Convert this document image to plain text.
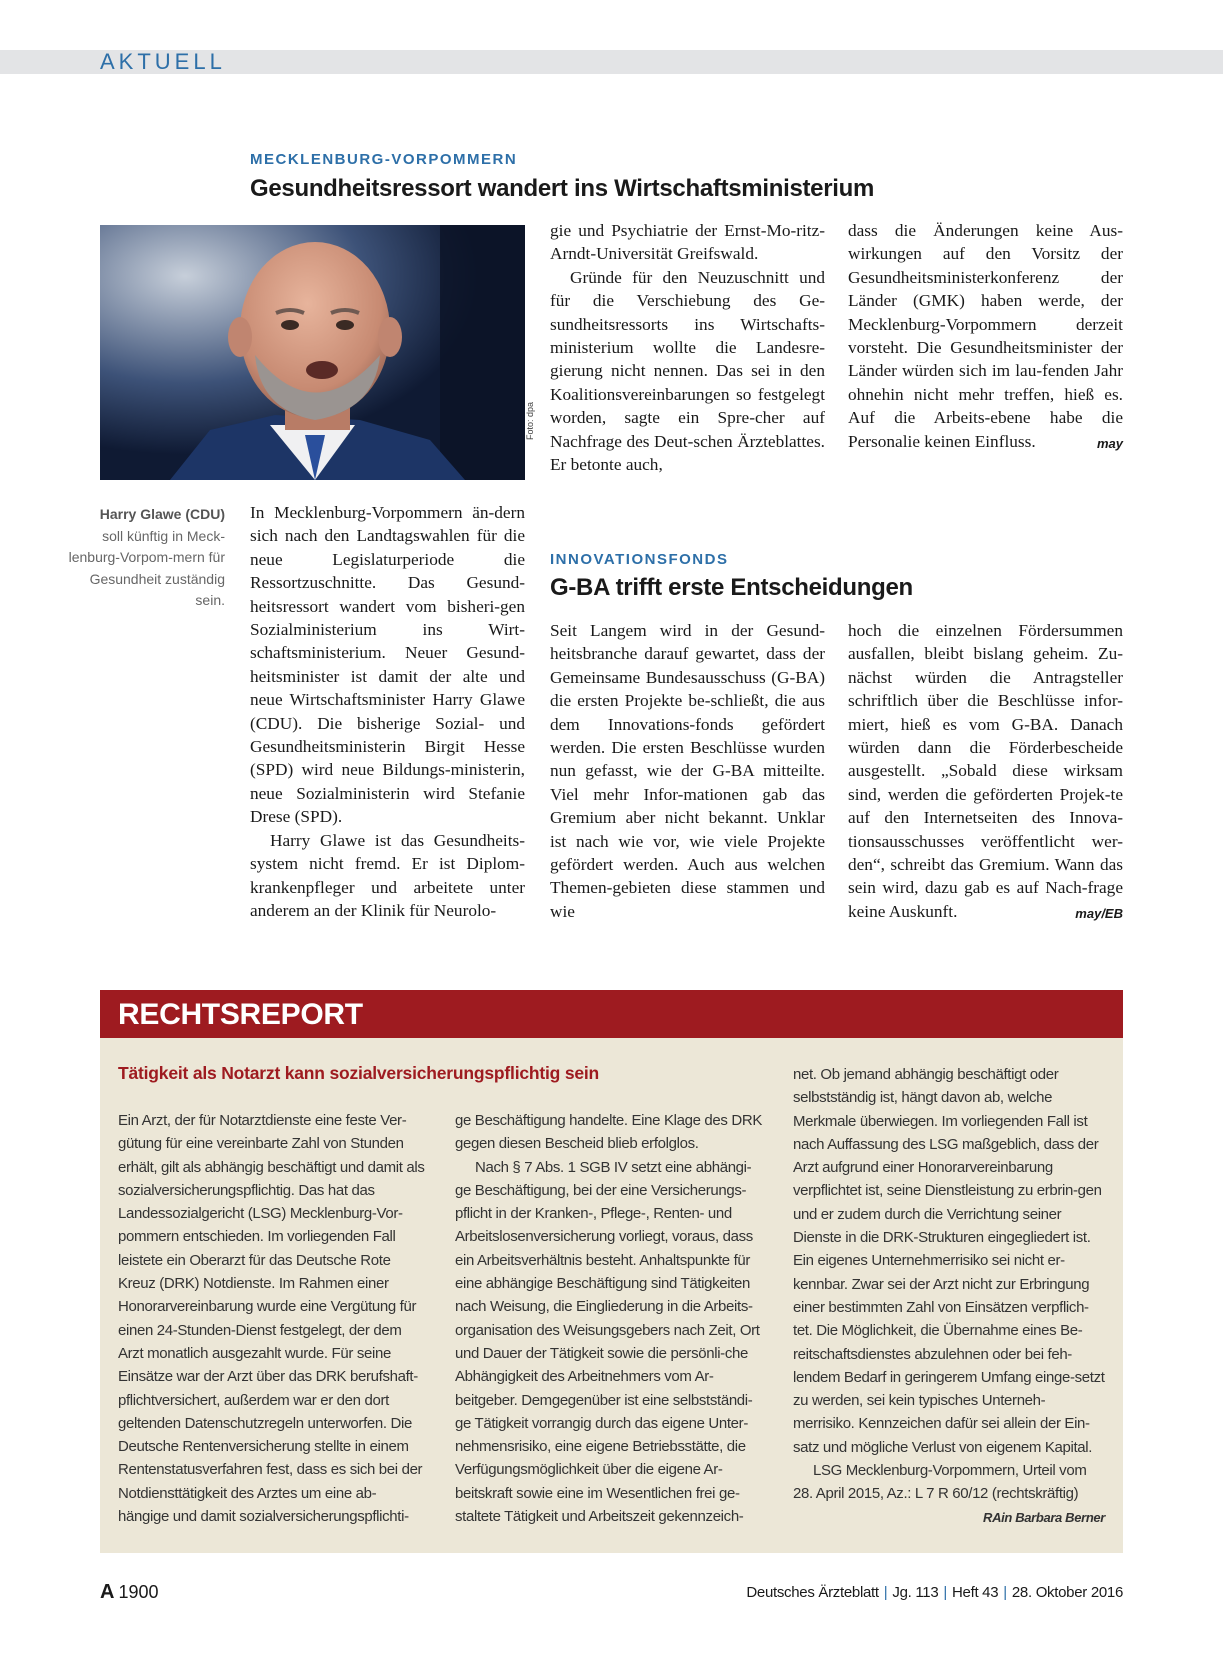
AKTUELL
MECKLENBURG-VORPOMMERN
Gesundheitsressort wandert ins Wirtschaftsministerium
Foto: dpa
Harry Glawe (CDU)
soll künftig in Meck-lenburg-Vorpom-mern für Gesundheit zuständig sein.

In Mecklenburg-Vorpommern än-dern sich nach den Landtagswahlen für die neue Legislaturperiode die Ressortzuschnitte. Das Gesund-heitsressort wandert vom bisheri-gen Sozialministerium ins Wirt-schaftsministerium. Neuer Gesund-heitsminister ist damit der alte und neue Wirtschaftsminister Harry Glawe (CDU). Die bisherige Sozial- und Gesundheitsministerin Birgit Hesse (SPD) wird neue Bildungs-ministerin, neue Sozialministerin wird Stefanie Drese (SPD).

Harry Glawe ist das Gesundheits-system nicht fremd. Er ist Diplom-krankenpfleger und arbeitete unter anderem an der Klinik für Neurolo-

gie und Psychiatrie der Ernst-Mo-ritz-Arndt-Universität Greifswald.

Gründe für den Neuzuschnitt und für die Verschiebung des Ge-sundheitsressorts ins Wirtschafts-ministerium wollte die Landesre-gierung nicht nennen. Das sei in den Koalitionsvereinbarungen so festgelegt worden, sagte ein Spre-cher auf Nachfrage des Deut-schen Ärzteblattes. Er betonte auch,

dass die Änderungen keine Aus-wirkungen auf den Vorsitz der Gesundheitsministerkonferenz der Länder (GMK) haben werde, der Mecklenburg-Vorpommern derzeit vorsteht. Die Gesundheitsminister der Länder würden sich im lau-fenden Jahr ohnehin nicht mehr treffen, hieß es. Auf die Arbeits-ebene habe die Personalie keinen Einfluss.	may

INNOVATIONSFONDS
G-BA trifft erste Entscheidungen

Seit Langem wird in der Gesund-heitsbranche darauf gewartet, dass der Gemeinsame Bundesausschuss (G-BA) die ersten Projekte be-schließt, die aus dem Innovations-fonds gefördert werden. Die ersten Beschlüsse wurden nun gefasst, wie der G-BA mitteilte. Viel mehr Infor-mationen gab das Gremium aber nicht bekannt. Unklar ist nach wie vor, wie viele Projekte gefördert werden. Auch aus welchen Themen-gebieten diese stammen und wie

hoch die einzelnen Fördersummen ausfallen, bleibt bislang geheim. Zu-nächst würden die Antragsteller schriftlich über die Beschlüsse infor-miert, hieß es vom G-BA. Danach würden dann die Förderbescheide ausgestellt. „Sobald diese wirksam sind, werden die geförderten Projek-te auf den Internetseiten des Innova-tionsausschusses veröffentlicht wer-den“, schreibt das Gremium. Wann das sein wird, dazu gab es auf Nach-frage keine Auskunft.	may/EB

RECHTSREPORT
Tätigkeit als Notarzt kann sozialversicherungspflichtig sein

Ein Arzt, der für Notarztdienste eine feste Ver-gütung für eine vereinbarte Zahl von Stunden erhält, gilt als abhängig beschäftigt und damit als sozialversicherungspflichtig. Das hat das Landessozialgericht (LSG) Mecklenburg-Vor-pommern entschieden. Im vorliegenden Fall leistete ein Oberarzt für das Deutsche Rote Kreuz (DRK) Notdienste. Im Rahmen einer Honorarvereinbarung wurde eine Vergütung für einen 24-Stunden-Dienst festgelegt, der dem Arzt monatlich ausgezahlt wurde. Für seine Einsätze war der Arzt über das DRK berufshaft-pflichtversichert, außerdem war er den dort geltenden Datenschutzregeln unterworfen. Die Deutsche Rentenversicherung stellte in einem Rentenstatusverfahren fest, dass es sich bei der Notdiensttätigkeit des Arztes um eine ab-hängige und damit sozialversicherungspflichti-

ge Beschäftigung handelte. Eine Klage des DRK gegen diesen Bescheid blieb erfolglos.

Nach § 7 Abs. 1 SGB IV setzt eine abhängi-ge Beschäftigung, bei der eine Versicherungs-pflicht in der Kranken-, Pflege-, Renten- und Arbeitslosenversicherung vorliegt, voraus, dass ein Arbeitsverhältnis besteht. Anhaltspunkte für eine abhängige Beschäftigung sind Tätigkeiten nach Weisung, die Eingliederung in die Arbeits-organisation des Weisungsgebers nach Zeit, Ort und Dauer der Tätigkeit sowie die persönli-che Abhängigkeit des Arbeitnehmers vom Ar-beitgeber. Demgegenüber ist eine selbstständi-ge Tätigkeit vorrangig durch das eigene Unter-nehmensrisiko, eine eigene Betriebsstätte, die Verfügungsmöglichkeit über die eigene Ar-beitskraft sowie eine im Wesentlichen frei ge-staltete Tätigkeit und Arbeitszeit gekennzeich-

net. Ob jemand abhängig beschäftigt oder selbstständig ist, hängt davon ab, welche Merkmale überwiegen. Im vorliegenden Fall ist nach Auffassung des LSG maßgeblich, dass der Arzt aufgrund einer Honorarvereinbarung verpflichtet ist, seine Dienstleistung zu erbrin-gen und er zudem durch die Verrichtung seiner Dienste in die DRK-Strukturen eingegliedert ist. Ein eigenes Unternehmerrisiko sei nicht er-kennbar. Zwar sei der Arzt nicht zur Erbringung einer bestimmten Zahl von Einsätzen verpflich-tet. Die Möglichkeit, die Übernahme eines Be-reitschaftsdienstes abzulehnen oder bei feh-lendem Bedarf in geringerem Umfang einge-setzt zu werden, sei kein typisches Unterneh-merrisiko. Kennzeichen dafür sei allein der Ein-satz und mögliche Verlust von eigenem Kapital.

LSG Mecklenburg-Vorpommern, Urteil vom 28. April 2015, Az.: L 7 R 60/12 (rechtskräftig)

RAin Barbara Berner
A 1900	Deutsches Ärzteblatt | Jg. 113 | Heft 43 | 28. Oktober 2016
